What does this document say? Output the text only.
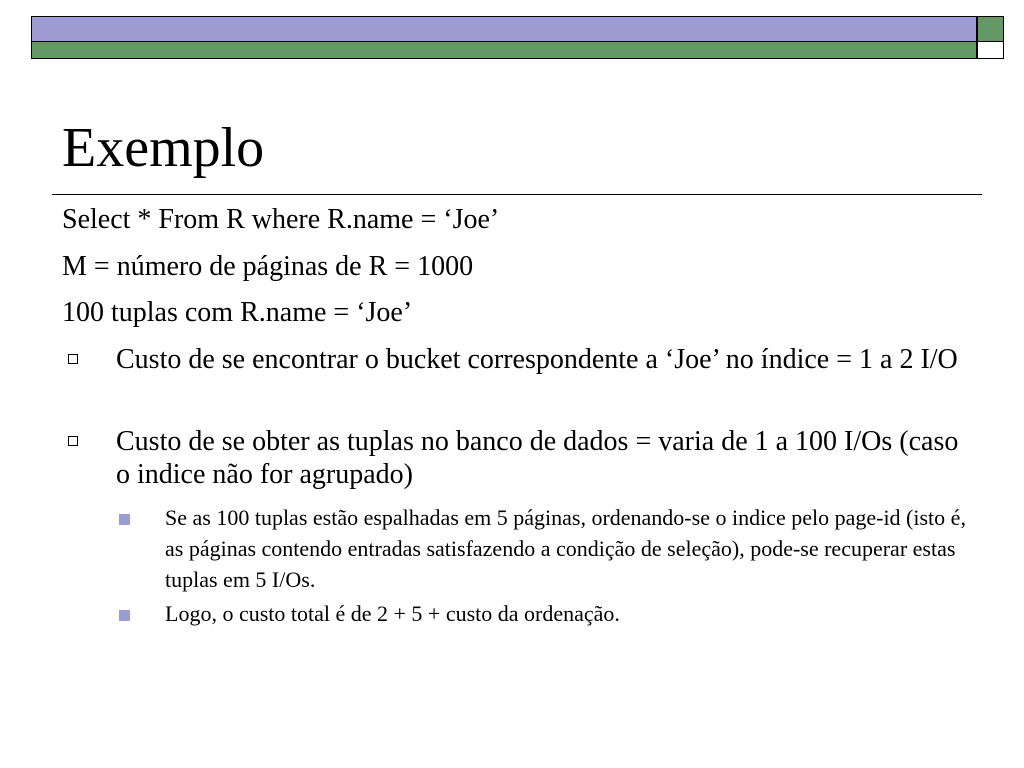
Exemplo
Select * From R where R.name = ‘Joe’
M = número de páginas de R = 1000
100 tuplas com R.name = ‘Joe’
Custo de se encontrar o bucket correspondente a ‘Joe’ no índice = 1 a 2 I/O
Custo de se obter as tuplas no banco de dados = varia de 1 a 100 I/Os (caso o indice não for agrupado)
Se as 100 tuplas estão espalhadas em 5 páginas, ordenando-se o indice pelo page-id (isto é, as páginas contendo entradas satisfazendo a condição de seleção), pode-se recuperar estas tuplas em 5 I/Os.
Logo, o custo total é de 2 + 5 + custo da ordenação.
